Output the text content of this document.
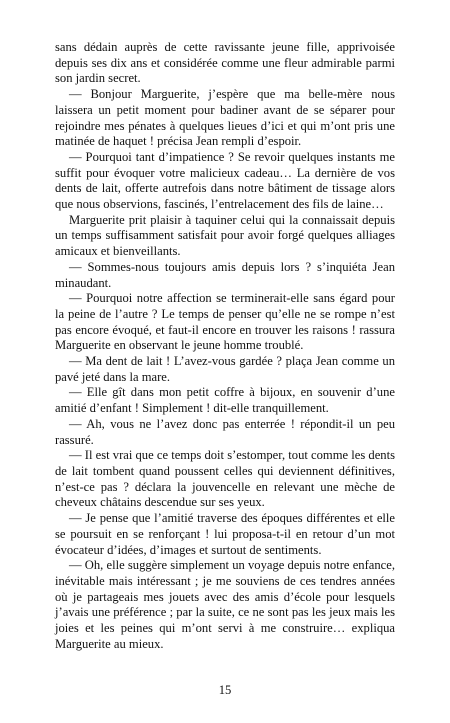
sans dédain auprès de cette ravissante jeune fille, apprivoisée depuis ses dix ans et considérée comme une fleur admirable parmi son jardin secret.

— Bonjour Marguerite, j’espère que ma belle-mère nous laissera un petit moment pour badiner avant de se séparer pour rejoindre mes pénates à quelques lieues d’ici et qui m’ont pris une matinée de haquet ! précisa Jean rempli d’espoir.

— Pourquoi tant d’impatience ? Se revoir quelques instants me suffit pour évoquer votre malicieux cadeau… La dernière de vos dents de lait, offerte autrefois dans notre bâtiment de tissage alors que nous observions, fascinés, l’entrelacement des fils de laine…

Marguerite prit plaisir à taquiner celui qui la connaissait depuis un temps suffisamment satisfait pour avoir forgé quelques alliages amicaux et bienveillants.

— Sommes-nous toujours amis depuis lors ? s’inquiéta Jean minaudant.

— Pourquoi notre affection se terminerait-elle sans égard pour la peine de l’autre ? Le temps de penser qu’elle ne se rompe n’est pas encore évoqué, et faut-il encore en trouver les raisons ! rassura Marguerite en observant le jeune homme troublé.

— Ma dent de lait ! L’avez-vous gardée ? plaça Jean comme un pavé jeté dans la mare.

— Elle gît dans mon petit coffre à bijoux, en souvenir d’une amitié d’enfant ! Simplement ! dit-elle tranquillement.

— Ah, vous ne l’avez donc pas enterrée ! répondit-il un peu rassuré.

— Il est vrai que ce temps doit s’estomper, tout comme les dents de lait tombent quand poussent celles qui deviennent définitives, n’est-ce pas ? déclara la jouvencelle en relevant une mèche de cheveux châtains descendue sur ses yeux.

— Je pense que l’amitié traverse des époques différentes et elle se poursuit en se renforçant ! lui proposa-t-il en retour d’un mot évocateur d’idées, d’images et surtout de sentiments.

— Oh, elle suggère simplement un voyage depuis notre enfance, inévitable mais intéressant ; je me souviens de ces tendres années où je partageais mes jouets avec des amis d’école pour lesquels j’avais une préférence ; par la suite, ce ne sont pas les jeux mais les joies et les peines qui m’ont servi à me construire… expliqua Marguerite au mieux.

15
